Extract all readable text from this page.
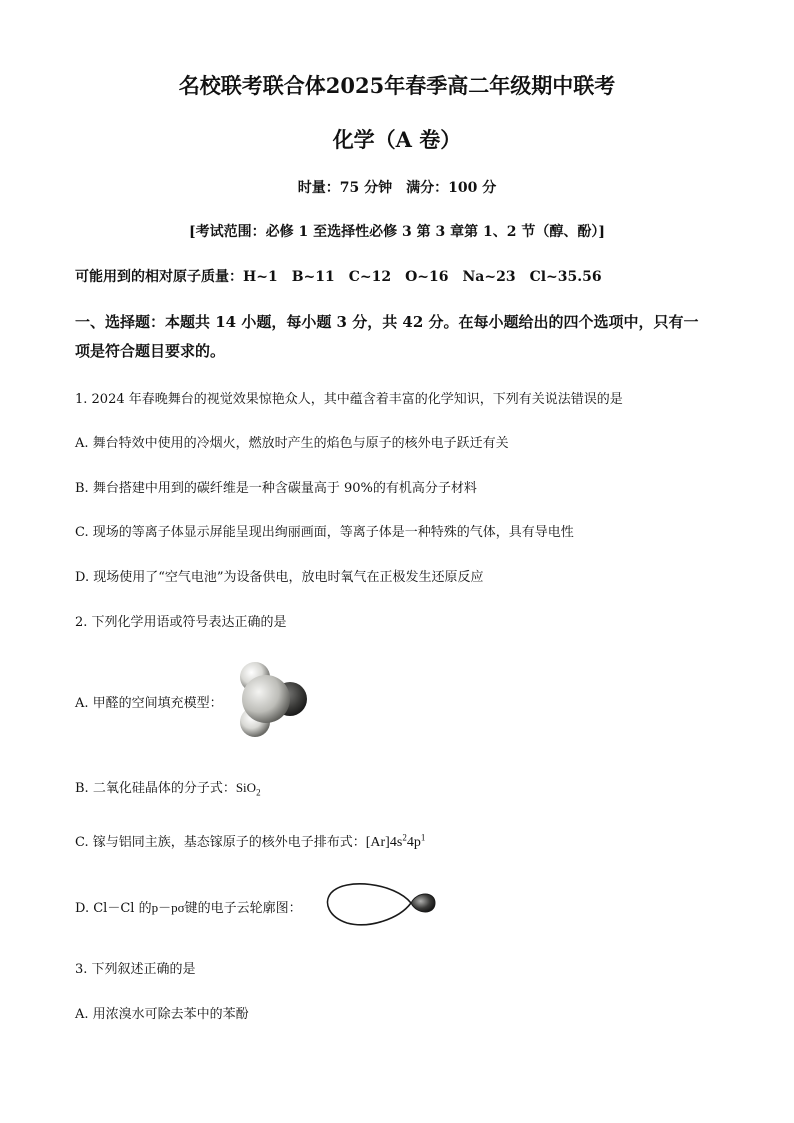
名校联考联合体2025年春季高二年级期中联考
化学（A 卷）
时量：75 分钟　满分：100 分
[考试范围：必修 1 至选择性必修 3 第 3 章第 1、2 节（醇、酚）]
可能用到的相对原子质量：H~1　B~11　C~12　O~16　Na~23　Cl~35.56
一、选择题：本题共 14 小题，每小题 3 分，共 42 分。在每小题给出的四个选项中，只有一
项是符合题目要求的。
1. 2024 年春晚舞台的视觉效果惊艳众人，其中蕴含着丰富的化学知识，下列有关说法错误的是
A. 舞台特效中使用的冷烟火，燃放时产生的焰色与原子的核外电子跃迁有关
B. 舞台搭建中用到的碳纤维是一种含碳量高于 90%的有机高分子材料
C. 现场的等离子体显示屏能呈现出绚丽画面，等离子体是一种特殊的气体，具有导电性
D. 现场使用了“空气电池”为设备供电，放电时氧气在正极发生还原反应
2. 下列化学用语或符号表达正确的是
A. 甲醛的空间填充模型：
B. 二氧化硅晶体的分子式：SiO$_2$
C. 镓与铝同主族，基态镓原子的核外电子排布式：$[Ar]4s^24p^1$
D. Cl－Cl 的p－pσ键的电子云轮廓图：
3. 下列叙述正确的是
A. 用浓溴水可除去苯中的苯酚
